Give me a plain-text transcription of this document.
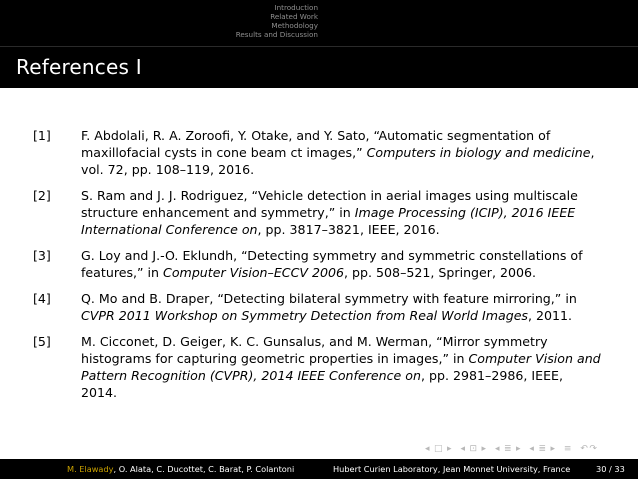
Introduction
Related Work
Methodology
Results and Discussion
References I
[1]	F. Abdolali, R. A. Zoroofi, Y. Otake, and Y. Sato, “Automatic segmentation of maxillofacial cysts in cone beam ct images,” Computers in biology and medicine, vol. 72, pp. 108–119, 2016.
[2]	S. Ram and J. J. Rodriguez, “Vehicle detection in aerial images using multiscale structure enhancement and symmetry,” in Image Processing (ICIP), 2016 IEEE International Conference on, pp. 3817–3821, IEEE, 2016.
[3]	G. Loy and J.-O. Eklundh, “Detecting symmetry and symmetric constellations of features,” in Computer Vision–ECCV 2006, pp. 508–521, Springer, 2006.
[4]	Q. Mo and B. Draper, “Detecting bilateral symmetry with feature mirroring,” in CVPR 2011 Workshop on Symmetry Detection from Real World Images, 2011.
[5]	M. Cicconet, D. Geiger, K. C. Gunsalus, and M. Werman, “Mirror symmetry histograms for capturing geometric properties in images,” in Computer Vision and Pattern Recognition (CVPR), 2014 IEEE Conference on, pp. 2981–2986, IEEE, 2014.
◂ □ ▸ ◂ ⊡ ▸ ◂ ≣ ▸ ◂ ≣ ▸ ≡ ↶↷
M. Elawady, O. Alata, C. Ducottet, C. Barat, P. Colantoni	Hubert Curien Laboratory, Jean Monnet University, France	30 / 33
